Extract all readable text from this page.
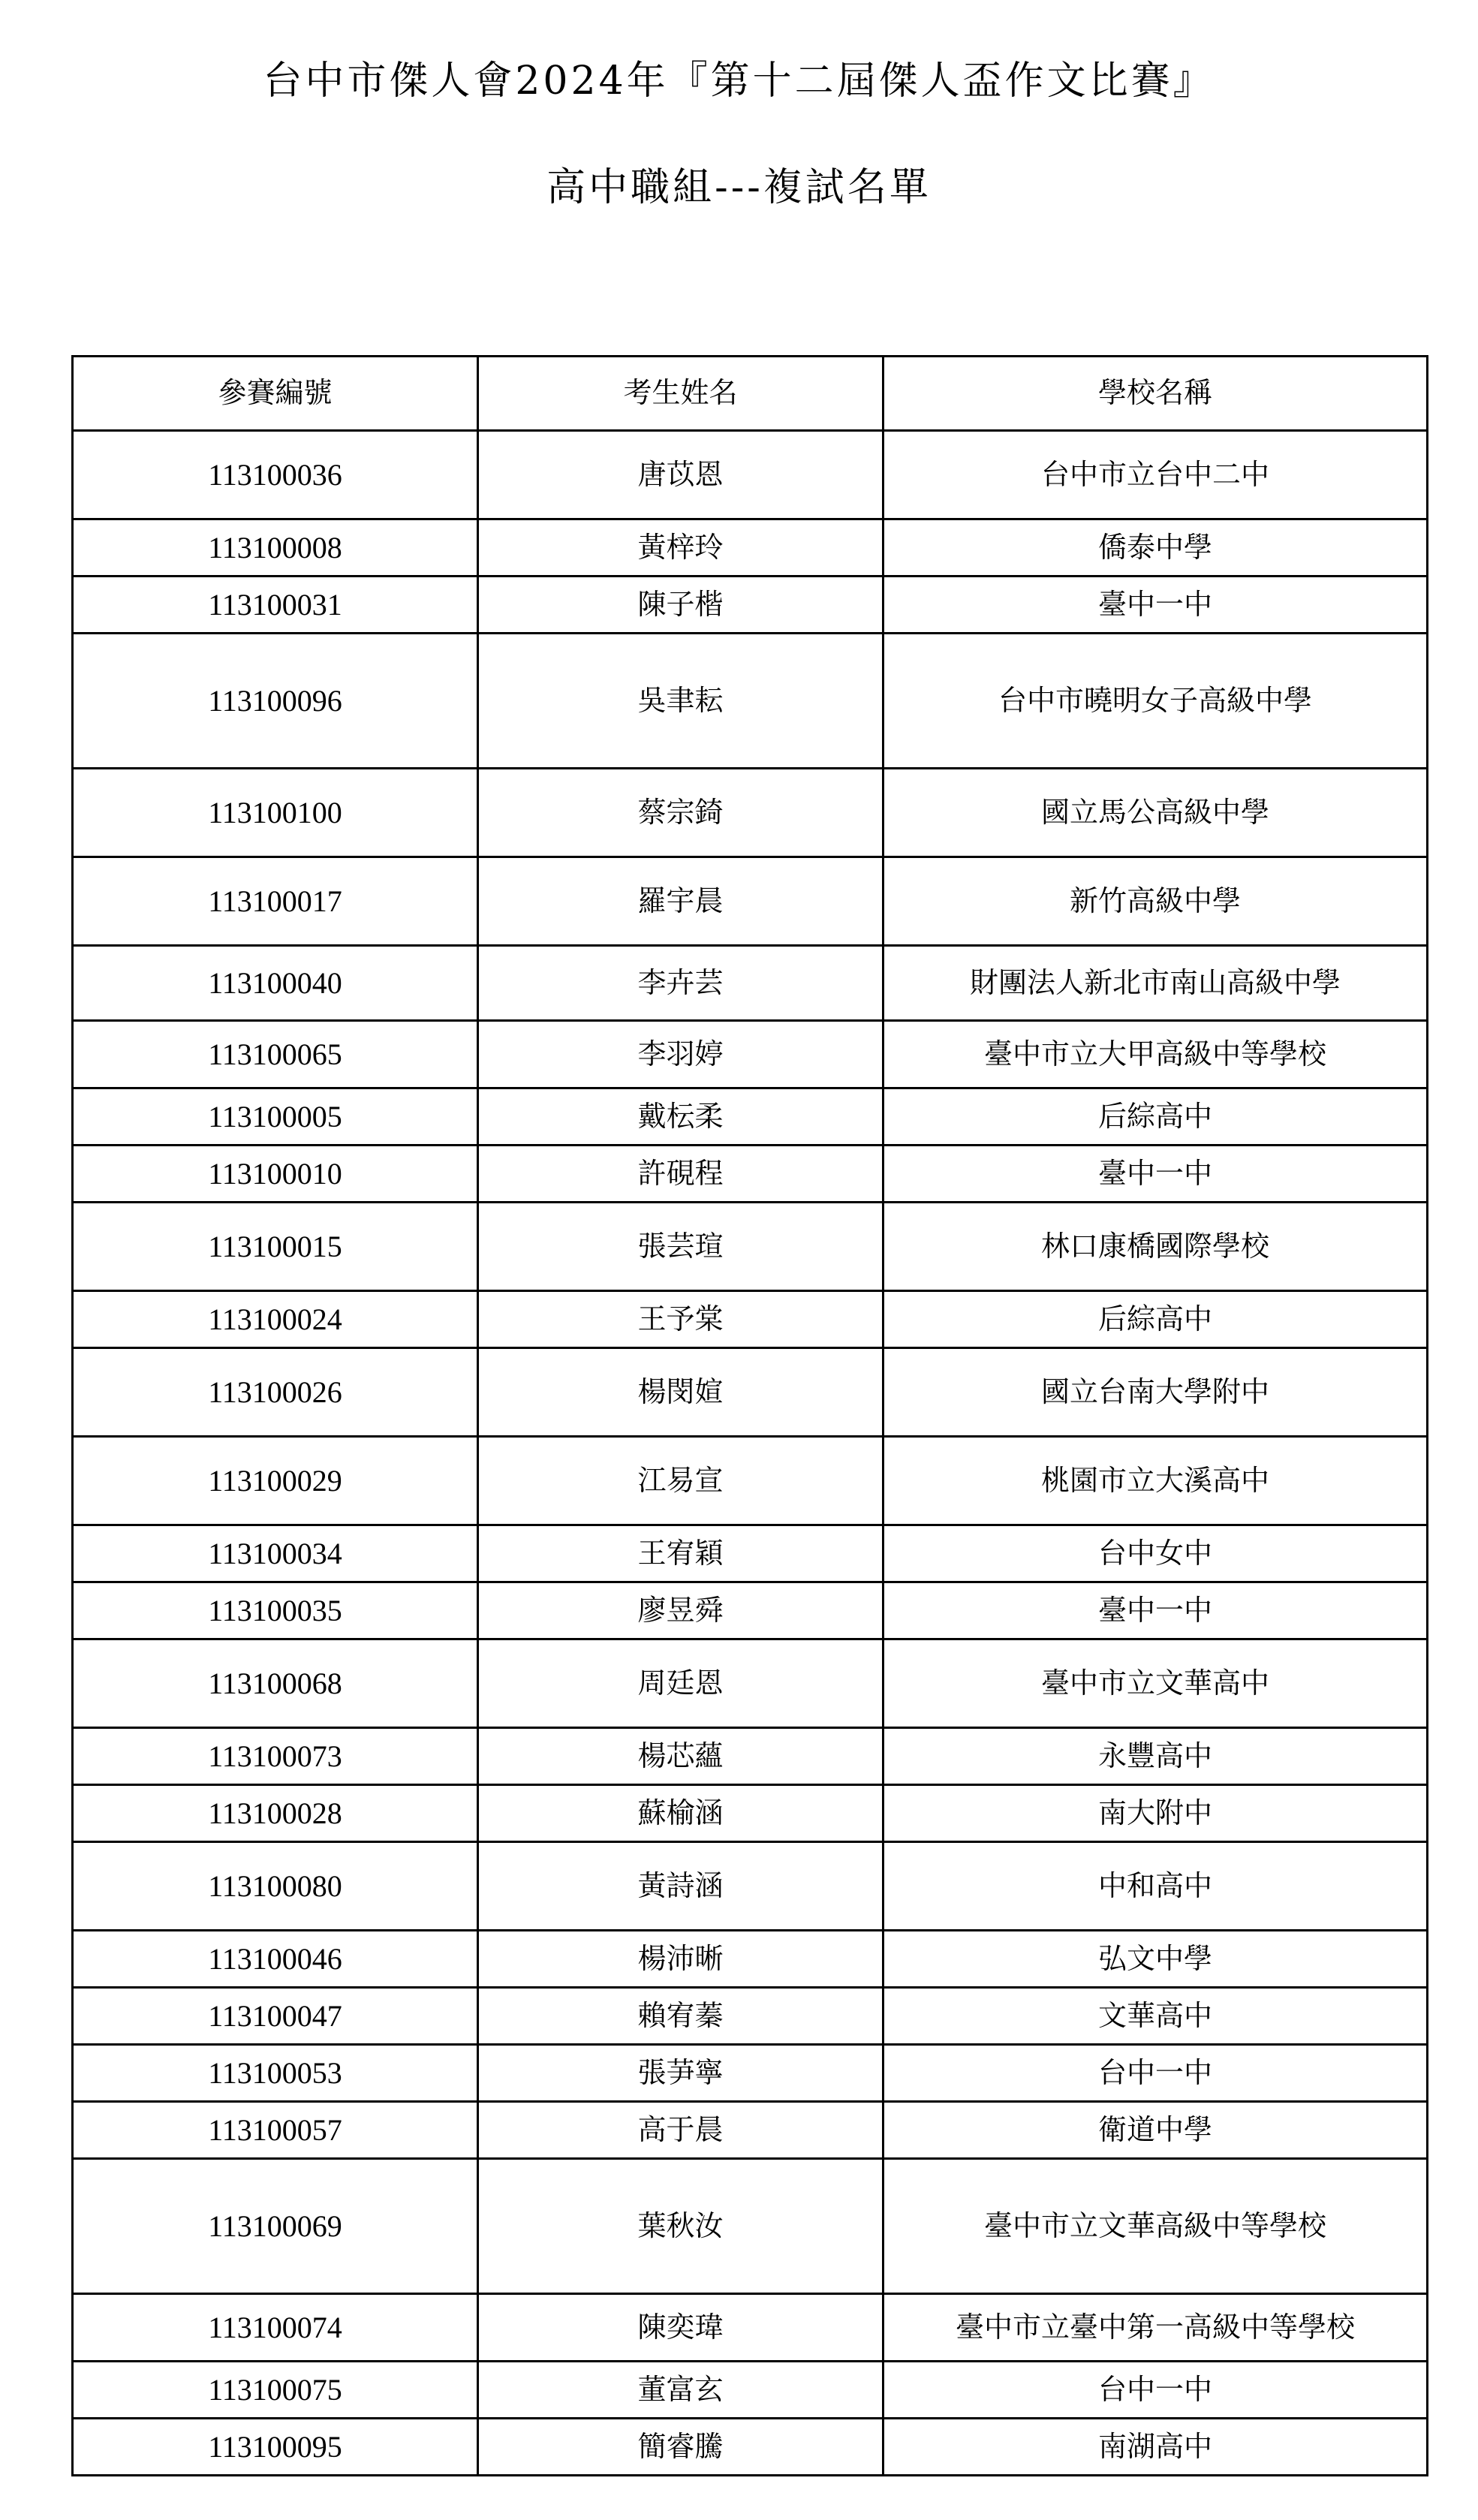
台中市傑人會2024年『第十二屆傑人盃作文比賽』
高中職組---複試名單
參賽編號	考生姓名	學校名稱
113100036	唐苡恩	台中市立台中二中
113100008	黃梓玲	僑泰中學
113100031	陳子楷	臺中一中
113100096	吳聿耘	台中市曉明女子高級中學
113100100	蔡宗錡	國立馬公高級中學
113100017	羅宇晨	新竹高級中學
113100040	李卉芸	財團法人新北市南山高級中學
113100065	李羽婷	臺中市立大甲高級中等學校
113100005	戴枟柔	后綜高中
113100010	許硯程	臺中一中
113100015	張芸瑄	林口康橋國際學校
113100024	王予棠	后綜高中
113100026	楊閔媗	國立台南大學附中
113100029	江易宣	桃園市立大溪高中
113100034	王宥穎	台中女中
113100035	廖昱舜	臺中一中
113100068	周廷恩	臺中市立文華高中
113100073	楊芯蘊	永豐高中
113100028	蘇榆涵	南大附中
113100080	黃詩涵	中和高中
113100046	楊沛晰	弘文中學
113100047	賴宥蓁	文華高中
113100053	張芛寧	台中一中
113100057	高于晨	衛道中學
113100069	葉秋汝	臺中市立文華高級中等學校
113100074	陳奕瑋	臺中市立臺中第一高級中等學校
113100075	董富玄	台中一中
113100095	簡睿騰	南湖高中
